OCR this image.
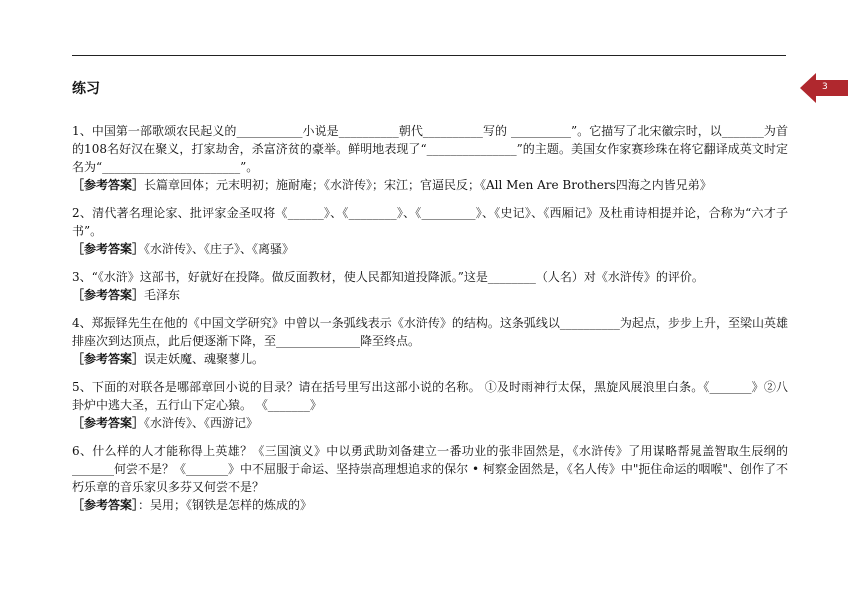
3
练习

1、中国第一部歌颂农民起义的___________小说是__________朝代__________写的 __________”。它描写了北宋徽宗时，以_______为首的108名好汉在聚义，打家劫舍，杀富济贫的豪举。鲜明地表现了“_______________”的主题。美国女作家赛珍珠在将它翻译成英文时定名为“_______________________”。

［参考答案］长篇章回体；元末明初；施耐庵；《水浒传》；宋江；官逼民反；《All Men Are Brothers四海之内皆兄弟》

2、清代著名理论家、批评家金圣叹将《______》、《________》、《_________》、《史记》、《西厢记》及杜甫诗相提并论，合称为“六才子书”。

［参考答案］《水浒传》、《庄子》、《离骚》

3、“《水浒》这部书，好就好在投降。做反面教材，使人民都知道投降派。”这是________（人名）对《水浒传》的评价。

［参考答案］毛泽东

4、郑振铎先生在他的《中国文学研究》中曾以一条弧线表示《水浒传》的结构。这条弧线以__________为起点，步步上升，至梁山英雄排座次到达顶点，此后便逐渐下降，至______________降至终点。

［参考答案］误走妖魔、魂聚蓼儿。

5、下面的对联各是哪部章回小说的目录？请在括号里写出这部小说的名称。 ①及时雨神行太保，黑旋风展浪里白条。《_______》②八卦炉中逃大圣，五行山下定心猿。 《_______》

［参考答案］《水浒传》、《西游记》

6、什么样的人才能称得上英雄？《三国演义》中以勇武助刘备建立一番功业的张非固然是，《水浒传》了用谋略帮晁盖智取生辰纲的_______何尝不是？《_______》中不屈服于命运、坚持崇高理想追求的保尔 • 柯察金固然是，《名人传》中"扼住命运的咽喉"、创作了不朽乐章的音乐家贝多芬又何尝不是？

［参考答案］：吴用；《钢铁是怎样的炼成的》
